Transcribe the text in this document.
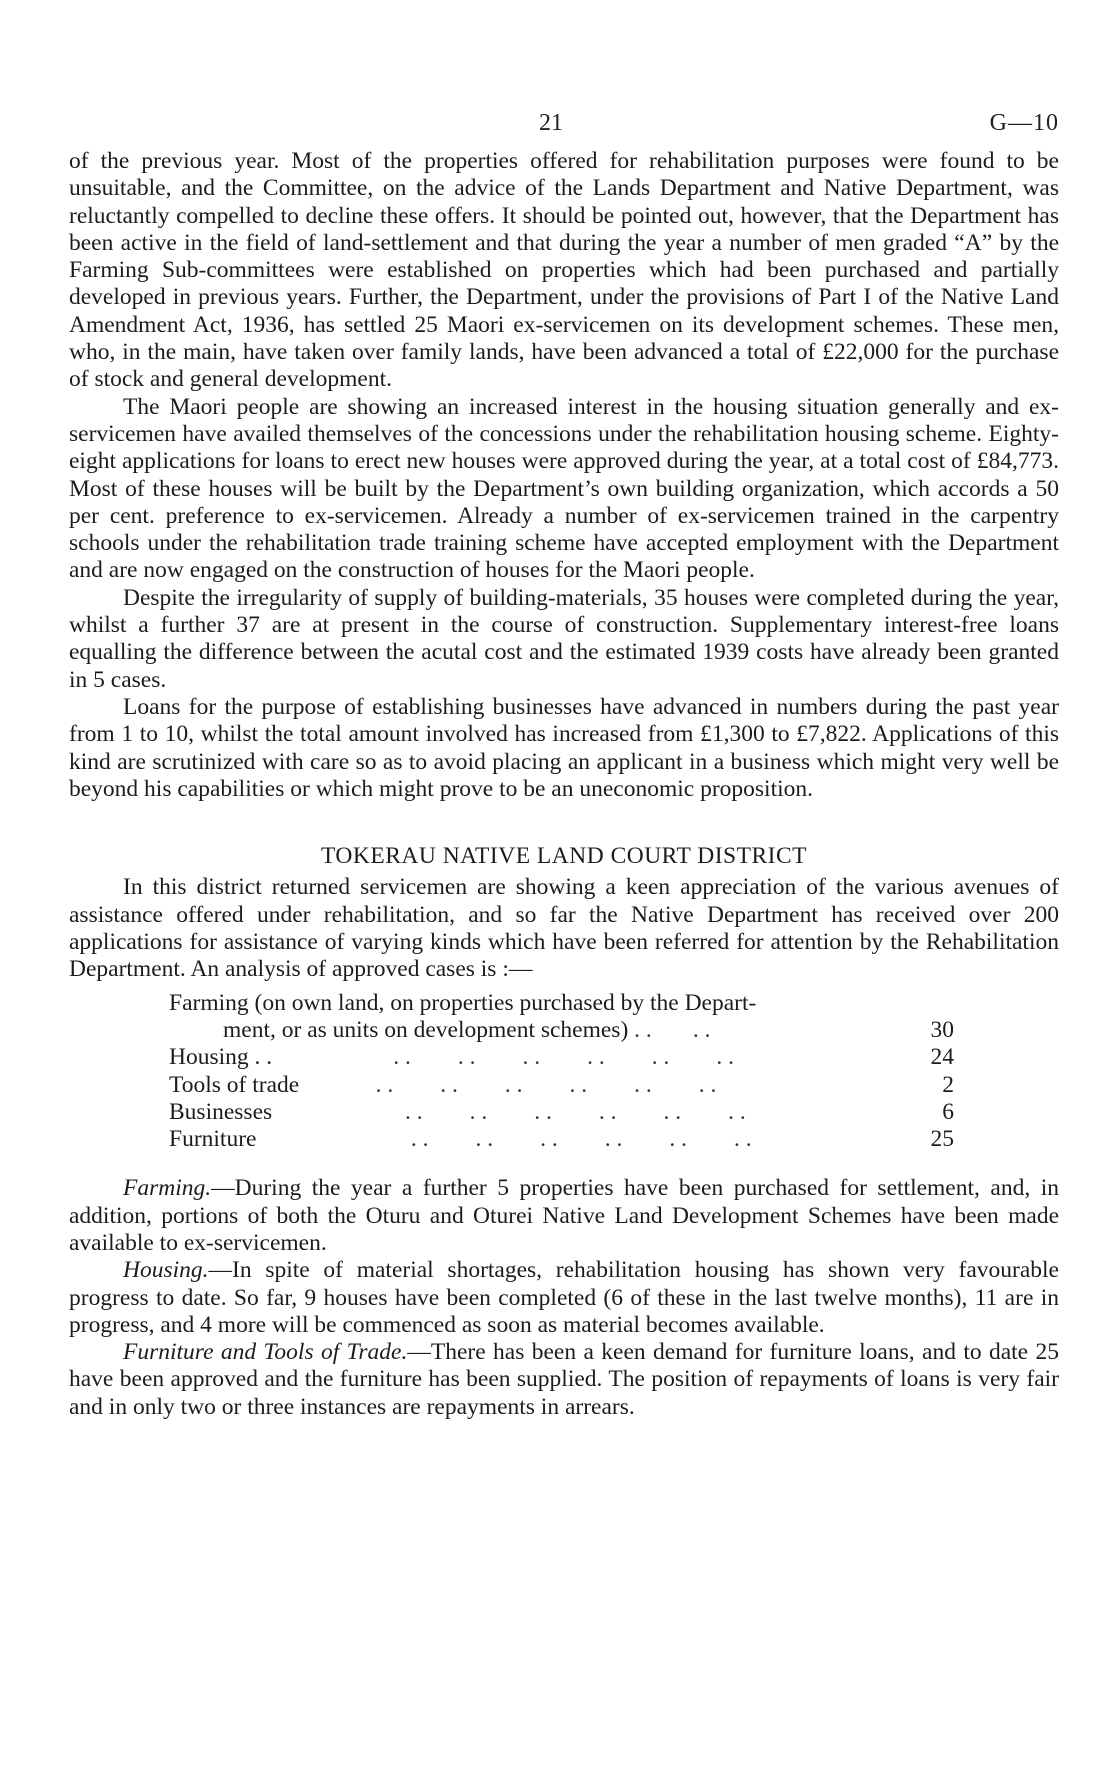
21	G—10

of the previous year. Most of the properties offered for rehabilitation purposes were found to be unsuitable, and the Committee, on the advice of the Lands Department and Native Department, was reluctantly compelled to decline these offers. It should be pointed out, however, that the Department has been active in the field of land-settlement and that during the year a number of men graded “A” by the Farming Sub-committees were established on properties which had been purchased and partially developed in previous years. Further, the Department, under the provisions of Part I of the Native Land Amendment Act, 1936, has settled 25 Maori ex-servicemen on its development schemes. These men, who, in the main, have taken over family lands, have been advanced a total of £22,000 for the purchase of stock and general development.

The Maori people are showing an increased interest in the housing situation generally and ex-servicemen have availed themselves of the concessions under the rehabilitation housing scheme. Eighty-eight applications for loans to erect new houses were approved during the year, at a total cost of £84,773. Most of these houses will be built by the Department’s own building organization, which accords a 50 per cent. preference to ex-servicemen. Already a number of ex-servicemen trained in the carpentry schools under the rehabilitation trade training scheme have accepted employment with the Department and are now engaged on the construction of houses for the Maori people.

Despite the irregularity of supply of building-materials, 35 houses were completed during the year, whilst a further 37 are at present in the course of construction. Supplementary interest-free loans equalling the difference between the acutal cost and the estimated 1939 costs have already been granted in 5 cases.

Loans for the purpose of establishing businesses have advanced in numbers during the past year from 1 to 10, whilst the total amount involved has increased from £1,300 to £7,822. Applications of this kind are scrutinized with care so as to avoid placing an applicant in a business which might very well be beyond his capabilities or which might prove to be an uneconomic proposition.

TOKERAU NATIVE LAND COURT DISTRICT

In this district returned servicemen are showing a keen appreciation of the various avenues of assistance offered under rehabilitation, and so far the Native Department has received over 200 applications for assistance of varying kinds which have been referred for attention by the Rehabilitation Department. An analysis of approved cases is :—

Farming (on own land, on properties purchased by the Depart-
ment, or as units on development schemes) . .       . .		30
Housing . .	. .        . .        . .        . .        . .        . .	24
Tools of trade	. .        . .        . .        . .        . .        . .	2
Businesses	. .        . .        . .        . .        . .        . .	6
Furniture	. .        . .        . .        . .        . .        . .	25

Farming.—During the year a further 5 properties have been purchased for settlement, and, in addition, portions of both the Oturu and Oturei Native Land Development Schemes have been made available to ex-servicemen.

Housing.—In spite of material shortages, rehabilitation housing has shown very favourable progress to date. So far, 9 houses have been completed (6 of these in the last twelve months), 11 are in progress, and 4 more will be commenced as soon as material becomes available.

Furniture and Tools of Trade.—There has been a keen demand for furniture loans, and to date 25 have been approved and the furniture has been supplied. The position of repayments of loans is very fair and in only two or three instances are repayments in arrears.
